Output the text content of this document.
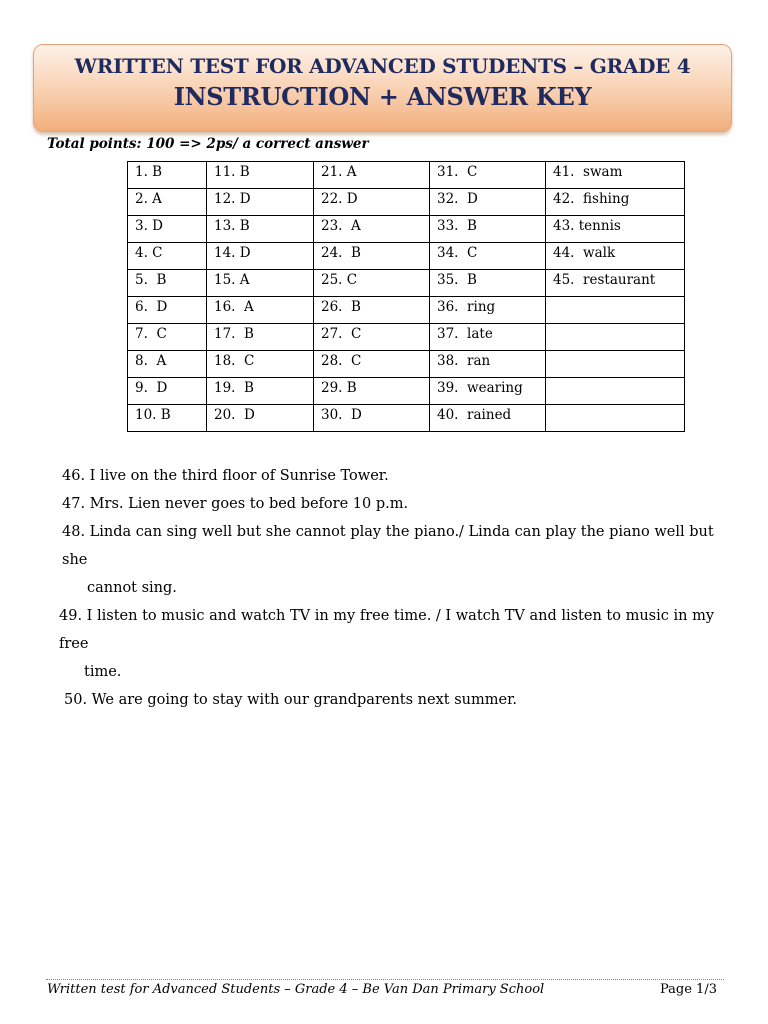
WRITTEN TEST FOR ADVANCED STUDENTS – GRADE 4
INSTRUCTION + ANSWER KEY
Total points: 100 => 2ps/ a correct answer
1. B	11. B	21. A	31.  C	41.  swam
2. A	12. D	22. D	32.  D	42.  fishing
3. D	13. B	23.  A	33.  B	43. tennis
4. C	14. D	24.  B	34.  C	44.  walk
5.  B	15. A	25. C	35.  B	45.  restaurant
6.  D	16.  A	26.  B	36.  ring	
7.  C	17.  B	27.  C	37.  late	
8.  A	18.  C	28.  C	38.  ran	
9.  D	19.  B	29. B	39.  wearing	
10. B	20.  D	30.  D	40.  rained	
46. I live on the third floor of Sunrise Tower.
47. Mrs. Lien never goes to bed before 10 p.m.
48. Linda can sing well but she cannot play the piano./ Linda can play the piano well but she
cannot sing.
49. I listen to music and watch TV in my free time. / I watch TV and listen to music in my free
time.
50. We are going to stay with our grandparents next summer.
Written test for Advanced Students – Grade 4 – Be Van Dan Primary School	Page 1/3
